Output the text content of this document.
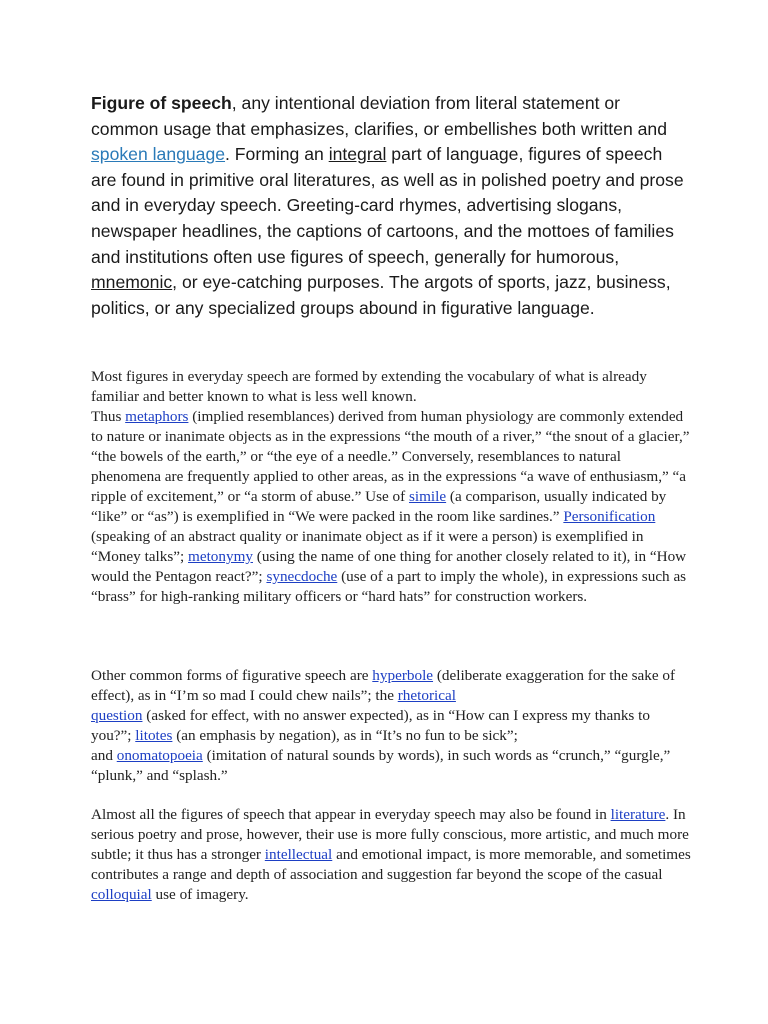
Figure of speech, any intentional deviation from literal statement or common usage that emphasizes, clarifies, or embellishes both written and spoken language. Forming an integral part of language, figures of speech are found in primitive oral literatures, as well as in polished poetry and prose and in everyday speech. Greeting-card rhymes, advertising slogans, newspaper headlines, the captions of cartoons, and the mottoes of families and institutions often use figures of speech, generally for humorous, mnemonic, or eye-catching purposes. The argots of sports, jazz, business, politics, or any specialized groups abound in figurative language.

Most figures in everyday speech are formed by extending the vocabulary of what is already familiar and better known to what is less well known.
Thus metaphors (implied resemblances) derived from human physiology are commonly extended to nature or inanimate objects as in the expressions “the mouth of a river,” “the snout of a glacier,” “the bowels of the earth,” or “the eye of a needle.” Conversely, resemblances to natural phenomena are frequently applied to other areas, as in the expressions “a wave of enthusiasm,” “a ripple of excitement,” or “a storm of abuse.” Use of simile (a comparison, usually indicated by “like” or “as”) is exemplified in “We were packed in the room like sardines.” Personification (speaking of an abstract quality or inanimate object as if it were a person) is exemplified in “Money talks”; metonymy (using the name of one thing for another closely related to it), in “How would the Pentagon react?”; synecdoche (use of a part to imply the whole), in expressions such as “brass” for high-ranking military officers or “hard hats” for construction workers.

Other common forms of figurative speech are hyperbole (deliberate exaggeration for the sake of effect), as in “I’m so mad I could chew nails”; the rhetorical
question (asked for effect, with no answer expected), as in “How can I express my thanks to you?”; litotes (an emphasis by negation), as in “It’s no fun to be sick”;
and onomatopoeia (imitation of natural sounds by words), in such words as “crunch,” “gurgle,” “plunk,” and “splash.”

Almost all the figures of speech that appear in everyday speech may also be found in literature. In serious poetry and prose, however, their use is more fully conscious, more artistic, and much more subtle; it thus has a stronger intellectual and emotional impact, is more memorable, and sometimes contributes a range and depth of association and suggestion far beyond the scope of the casual colloquial use of imagery.
